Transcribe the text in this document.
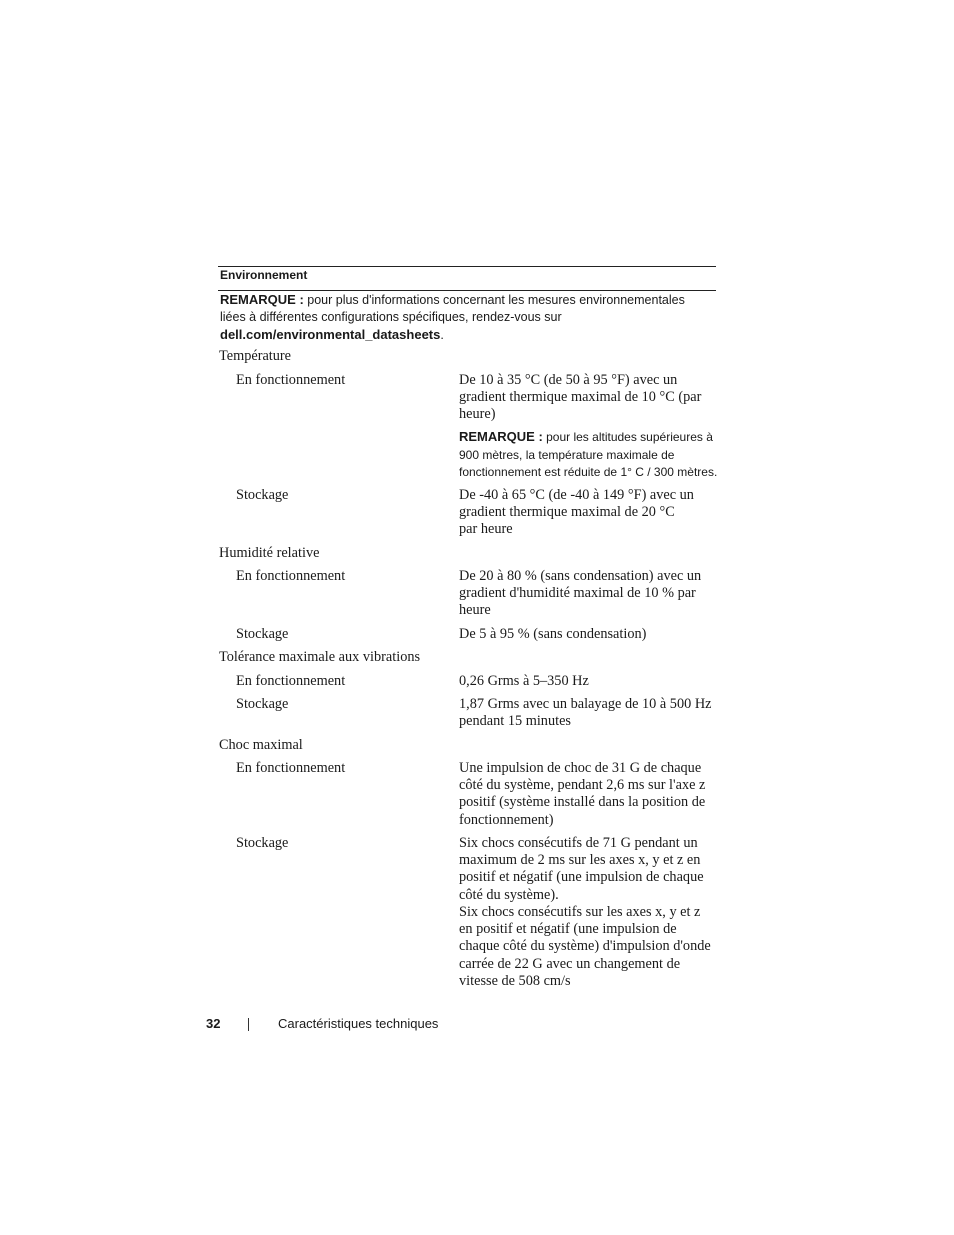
Environnement
REMARQUE : pour plus d'informations concernant les mesures environnementales liées à différentes configurations spécifiques, rendez-vous sur dell.com/environmental_datasheets.

Température

En fonctionnement	De 10 à 35 °C (de 50 à 95 °F) avec un gradient thermique maximal de 10 °C (par heure)

REMARQUE : pour les altitudes supérieures à 900 mètres, la température maximale de fonctionnement est réduite de 1° C / 300 mètres.

Stockage	De -40 à 65 °C (de -40 à 149 °F) avec un gradient thermique maximal de 20 °C par heure

Humidité relative

En fonctionnement	De 20 à 80 % (sans condensation) avec un gradient d'humidité maximal de 10 % par heure

Stockage	De 5 à 95 % (sans condensation)

Tolérance maximale aux vibrations

En fonctionnement	0,26 Grms à 5–350 Hz

Stockage	1,87 Grms avec un balayage de 10 à 500 Hz pendant 15 minutes

Choc maximal

En fonctionnement	Une impulsion de choc de 31 G de chaque côté du système, pendant 2,6 ms sur l'axe z positif (système installé dans la position de fonctionnement)

Stockage	Six chocs consécutifs de 71 G pendant un maximum de 2 ms sur les axes x, y et z en positif et négatif (une impulsion de chaque côté du système).

Six chocs consécutifs sur les axes x, y et z en positif et négatif (une impulsion de chaque côté du système) d'impulsion d'onde carrée de 22 G avec un changement de vitesse de 508 cm/s

32	Caractéristiques techniques
